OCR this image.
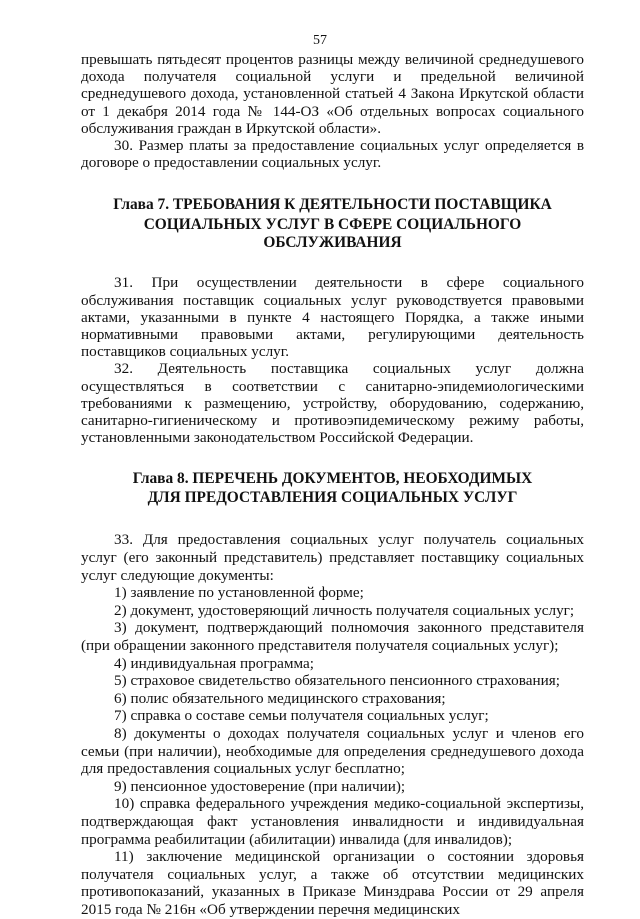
57

превышать пятьдесят процентов разницы между величиной среднедушевого дохода получателя социальной услуги и предельной величиной среднедушевого дохода, установленной статьей 4 Закона Иркутской области от 1 декабря 2014 года № 144-ОЗ «Об отдельных вопросах социального обслуживания граждан в Иркутской области».

30. Размер платы за предоставление социальных услуг определяется в договоре о предоставлении социальных услуг.

Глава 7. ТРЕБОВАНИЯ К ДЕЯТЕЛЬНОСТИ ПОСТАВЩИКА
СОЦИАЛЬНЫХ УСЛУГ В СФЕРЕ СОЦИАЛЬНОГО ОБСЛУЖИВАНИЯ

31. При осуществлении деятельности в сфере социального обслуживания поставщик социальных услуг руководствуется правовыми актами, указанными в пункте 4 настоящего Порядка, а также иными нормативными правовыми актами, регулирующими деятельность поставщиков социальных услуг.

32. Деятельность поставщика социальных услуг должна осуществляться в соответствии с санитарно-эпидемиологическими требованиями к размещению, устройству, оборудованию, содержанию, санитарно-гигиеническому и противоэпидемическому режиму работы, установленными законодательством Российской Федерации.

Глава 8. ПЕРЕЧЕНЬ ДОКУМЕНТОВ, НЕОБХОДИМЫХ
ДЛЯ ПРЕДОСТАВЛЕНИЯ СОЦИАЛЬНЫХ УСЛУГ

33. Для предоставления социальных услуг получатель социальных услуг (его законный представитель) представляет поставщику социальных услуг следующие документы:

1) заявление по установленной форме;

2) документ, удостоверяющий личность получателя социальных услуг;

3) документ, подтверждающий полномочия законного представителя (при обращении законного представителя получателя социальных услуг);

4) индивидуальная программа;

5) страховое свидетельство обязательного пенсионного страхования;

6) полис обязательного медицинского страхования;

7) справка о составе семьи получателя социальных услуг;

8) документы о доходах получателя социальных услуг и членов его семьи (при наличии), необходимые для определения среднедушевого дохода для предоставления социальных услуг бесплатно;

9) пенсионное удостоверение (при наличии);

10) справка федерального учреждения медико-социальной экспертизы, подтверждающая факт установления инвалидности и индивидуальная программа реабилитации (абилитации) инвалида (для инвалидов);

11) заключение медицинской организации о состоянии здоровья получателя социальных услуг, а также об отсутствии медицинских противопоказаний, указанных в Приказе Минздрава России от 29 апреля 2015 года № 216н «Об утверждении перечня медицинских
